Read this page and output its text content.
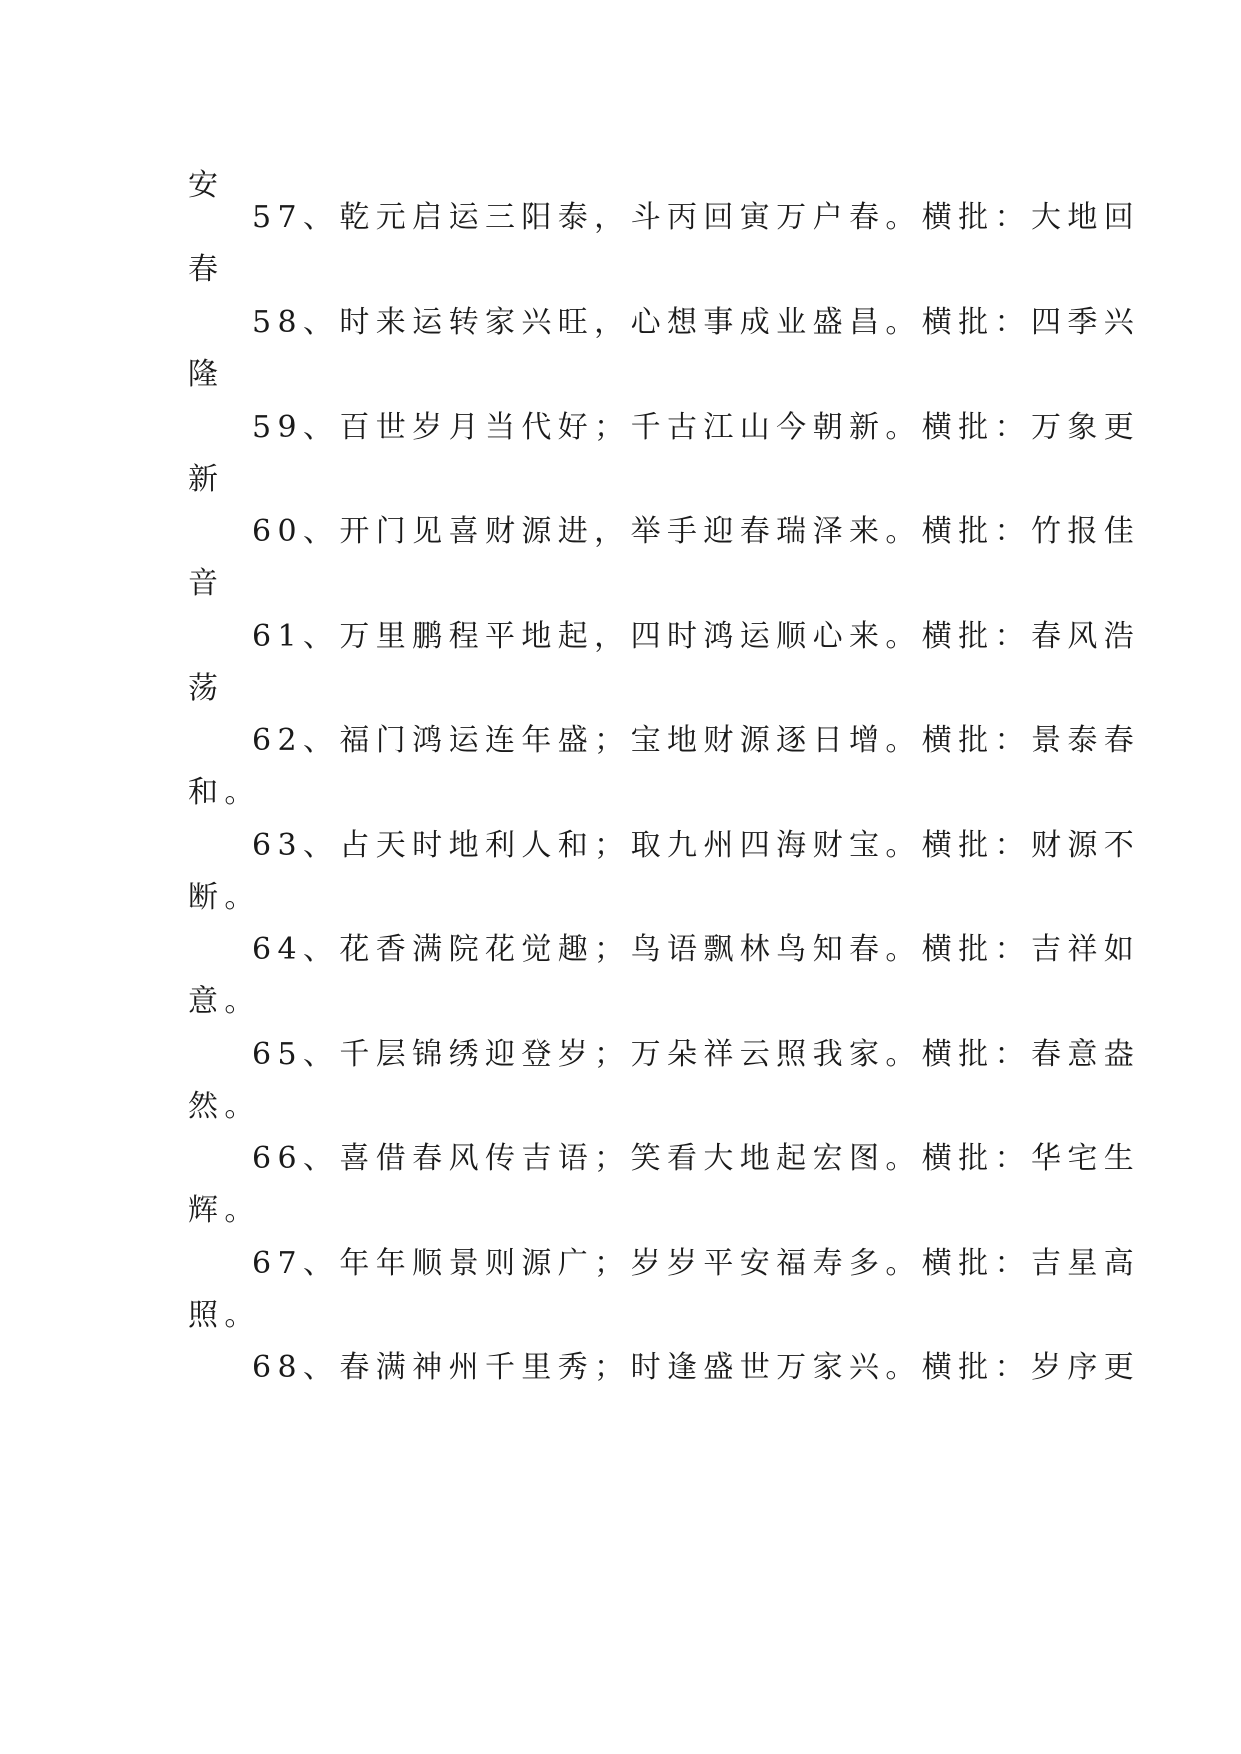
安
57、乾元启运三阳泰，斗丙回寅万户春。横批：大地回
春
58、时来运转家兴旺，心想事成业盛昌。横批：四季兴
隆
59、百世岁月当代好；千古江山今朝新。横批：万象更
新
60、开门见喜财源进，举手迎春瑞泽来。横批：竹报佳
音
61、万里鹏程平地起，四时鸿运顺心来。横批：春风浩
荡
62、福门鸿运连年盛；宝地财源逐日增。横批：景泰春
和。
63、占天时地利人和；取九州四海财宝。横批：财源不
断。
64、花香满院花觉趣；鸟语飘林鸟知春。横批：吉祥如
意。
65、千层锦绣迎登岁；万朵祥云照我家。横批：春意盎
然。
66、喜借春风传吉语；笑看大地起宏图。横批：华宅生
辉。
67、年年顺景则源广；岁岁平安福寿多。横批：吉星高
照。
68、春满神州千里秀；时逢盛世万家兴。横批：岁序更
